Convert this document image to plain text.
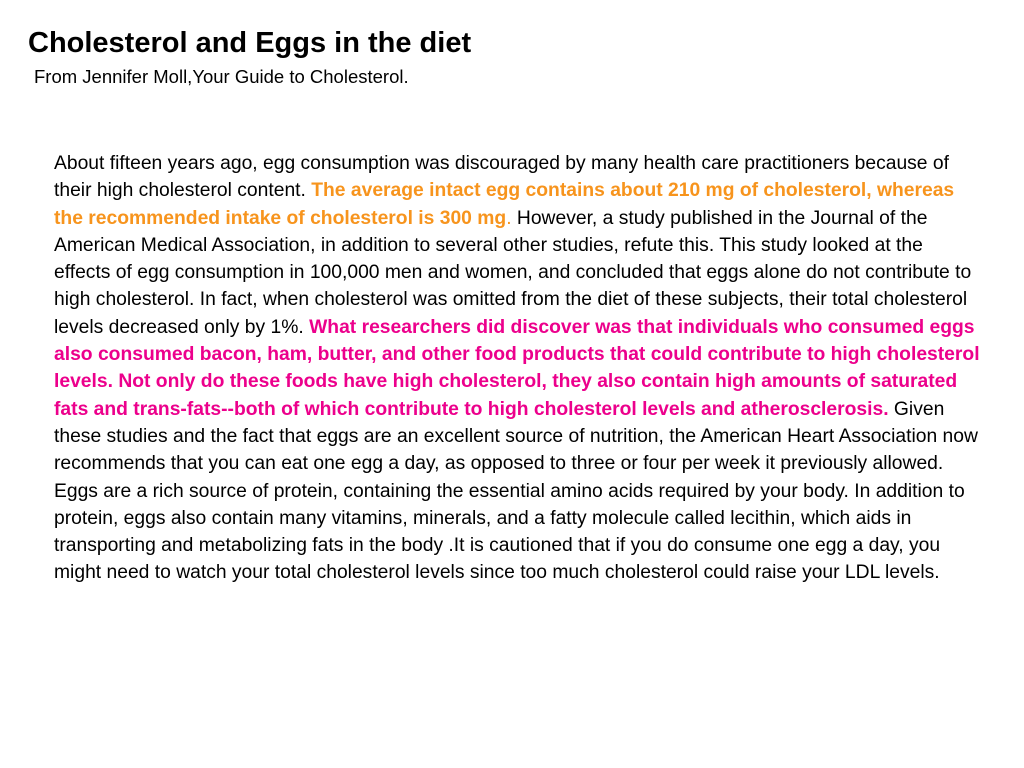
Cholesterol and Eggs in the diet

From Jennifer Moll,Your Guide to Cholesterol.

About fifteen years ago, egg consumption was discouraged by many health care practitioners because of their high cholesterol content. The average intact egg contains about 210 mg of cholesterol, whereas the recommended intake of cholesterol is 300 mg. However, a study published in the Journal of the American Medical Association, in addition to several other studies, refute this. This study looked at the effects of egg consumption in 100,000 men and women, and concluded that eggs alone do not contribute to high cholesterol. In fact, when cholesterol was omitted from the diet of these subjects, their total cholesterol levels decreased only by 1%. What researchers did discover was that individuals who consumed eggs also consumed bacon, ham, butter, and other food products that could contribute to high cholesterol levels. Not only do these foods have high cholesterol, they also contain high amounts of saturated fats and trans-fats--both of which contribute to high cholesterol levels and atherosclerosis. Given these studies and the fact that eggs are an excellent source of nutrition, the American Heart Association now recommends that you can eat one egg a day, as opposed to three or four per week it previously allowed. Eggs are a rich source of protein, containing the essential amino acids required by your body. In addition to protein, eggs also contain many vitamins, minerals, and a fatty molecule called lecithin, which aids in transporting and metabolizing fats in the body .It is cautioned that if you do consume one egg a day, you might need to watch your total cholesterol levels since too much cholesterol could raise your LDL levels.
